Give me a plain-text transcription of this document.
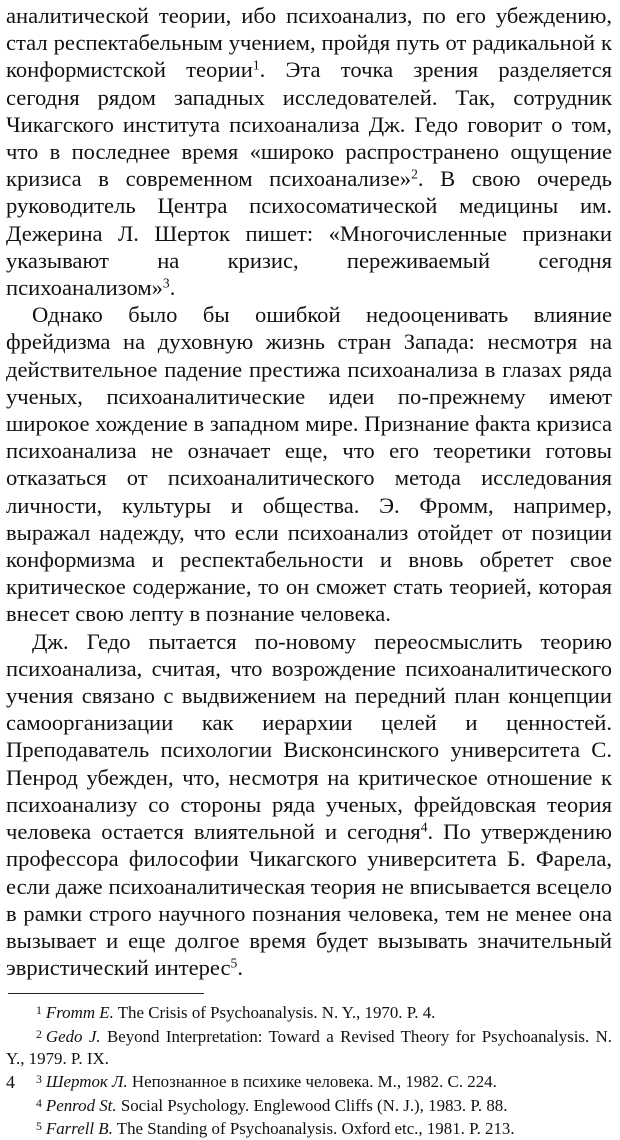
аналитической теории, ибо психоанализ, по его убеждению, стал респектабельным учением, пройдя путь от радикальной к конформистской теории$^1$. Эта точка зрения разделяется сегодня рядом западных исследователей. Так, сотрудник Чикагского института психоанализа Дж. Гедо говорит о том, что в последнее время «широко распространено ощущение кризиса в современном психоанализе»$^2$. В свою очередь руководитель Центра психосоматической медицины им. Дежерина Л. Шерток пишет: «Многочисленные признаки указывают на кризис, переживаемый сегодня психоанализом»$^3$.

Однако было бы ошибкой недооценивать влияние фрейдизма на духовную жизнь стран Запада: несмотря на действительное падение престижа психоанализа в глазах ряда ученых, психоаналитические идеи по-прежнему имеют широкое хождение в западном мире. Признание факта кризиса психоанализа не означает еще, что его теоретики готовы отказаться от психоаналитического метода исследования личности, культуры и общества. Э. Фромм, например, выражал надежду, что если психоанализ отойдет от позиции конформизма и респектабельности и вновь обретет свое критическое содержание, то он сможет стать теорией, которая внесет свою лепту в познание человека.

Дж. Гедо пытается по-новому переосмыслить теорию психоанализа, считая, что возрождение психоаналитического учения связано с выдвижением на передний план концепции самоорганизации как иерархии целей и ценностей. Преподаватель психологии Висконсинского университета С. Пенрод убежден, что, несмотря на критическое отношение к психоанализу со стороны ряда ученых, фрейдовская теория человека остается влиятельной и сегодня$^4$. По утверждению профессора философии Чикагского университета Б. Фарела, если даже психоаналитическая теория не вписывается всецело в рамки строго научного познания человека, тем не менее она вызывает и еще долгое время будет вызывать значительный эвристический интерес$^5$.

$^1$ Fromm E. The Crisis of Psychoanalysis. N. Y., 1970. P. 4.

$^2$ Gedo J. Beyond Interpretation: Toward a Revised Theory for Psychoanalysis. N. Y., 1979. P. IX.

$^3$ Шерток Л. Непознанное в психике человека. М., 1982. С. 224.

$^4$ Penrod St. Social Psychology. Englewood Cliffs (N. J.), 1983. P. 88.

$^5$ Farrell B. The Standing of Psychoanalysis. Oxford etc., 1981. P. 213.

4
